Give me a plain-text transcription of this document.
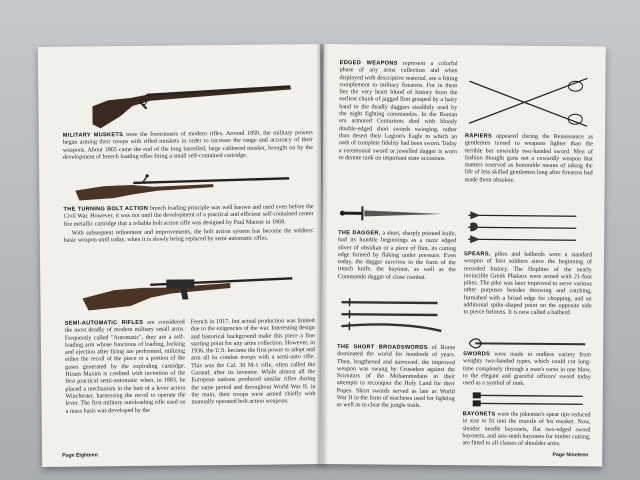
MILITARY MUSKETS were the forerunners of modern rifles. Around 1850, the military powers began arming their troops with rifled muskets in order to increase the range and accuracy of their weapons. About 1865 came the end of the long barrelled, large calibered musket, brought on by the development of breech loading rifles firing a small self-contained cartridge.

THE TURNING BOLT ACTION breech loading principle was well known and used even before the Civil War. However, it was not until the development of a practical and efficient self-contained center fire metallic cartridge that a reliable bolt action rifle was designed by Paul Mauser in 1868.

With subsequent refinement and improvements, the bolt action system has become the soldiers' basic weapon until today, when it is slowly being replaced by semi-automatic rifles.

SEMI-AUTOMATIC RIFLES are considered the most deadly of modern military small arms. Frequently called "Automatic", they are a self-loading arm whose functions of loading, locking and ejection after firing are performed, utilizing either the recoil of the piece or a portion of the gases generated by the exploding cartridge. Hiram Maxim is credited with invention of the first practical semi-automatic when, in 1883, he placed a mechanism in the butt of a lever action Winchester, harnessing the recoil to operate the lever. The first military autoloading rifle used on a mass basis was developed by the

French in 1917, but actual production was limited due to the exigencies of the war. Interesting design and historical background make this piece a fine starting point for any arms collection. However, in 1936, the U.S. became the first power to adopt and arm all its combat troops with a semi-auto rifle. This was the Cal. 30 M-1 rifle, often called the Garand, after its inventor. While almost all the European nations produced similar rifles during the same period and throughout World War II, in the main, their troops were armed chiefly with manually operated bolt action weapons.

Page Eighteen

EDGED WEAPONS represent a colorful phase of any arms collection and when displayed with descriptive material, are a fitting complement to military firearms. For in them lies the very heart blood of history from the earliest chunk of jagged flint grasped by a hairy hand to the deadly daggers stealthily used by the night fighting commandos. In the Roman era armored Centurions died with bloody double-edged short swords swinging, rather than desert their Legion's Eagle to which an oath of complete fidelity had been sworn. Today a ceremonial sword or jewelled dagger is worn to denote rank on important state occasions.

RAPIERS appeared during the Renaissance as gentlemen turned to weapons lighter than the terrible but unwieldy two-handed sword. Men of fashion thought guns not a cowardly weapon that matters reserved as honorable means of taking the life of less skilled gentlemen long after firearms had made them obsolete.

THE DAGGER, a short, sharply pointed knife, had its humble beginnings as a razor edged sliver of obsidian or a piece of flint, its cutting edge formed by flaking under pressure. Even today, the dagger survives in the form of the trench knife, the bayonet, as well as the Commando dagger of close combat.

SPEARS, pikes and halberds were a standard weapon of foot soldiers since the beginning of recorded history. The Hoplites of the nearly invincible Greek Phalanx were armed with 21-foot pikes. The pike was later improved to serve various other purposes besides throwing and catching, furnished with a broad edge for chopping, and an additional spike-shaped point on the opposite side to pierce helmets. It is now called a halberd.

SWORDS were made in endless variety from weighty two-handed types, which could cut long-time completely through a man's torso in one blow, to the elegant and graceful officers' sword today used as a symbol of rank.

THE SHORT BROADSWORDS of Rome dominated the world for hundreds of years. Then, lengthened and narrowed, the improved weapon was swung by Crusaders against the Scimitars of the Mohammedans in their attempts to reconquer the Holy Land for their Popes. Short swords served as late as World War II in the form of machetes used for fighting as well as to clear the jungle trails.

BAYONETS were the pikeman's spear tips reduced in size to fit into the muzzle of his musket. Now, slender needle bayonets, flat two-edged sword bayonets, and saw-teeth bayonets for timber cutting, are fitted to all classes of shoulder arms.

Page Nineteen
